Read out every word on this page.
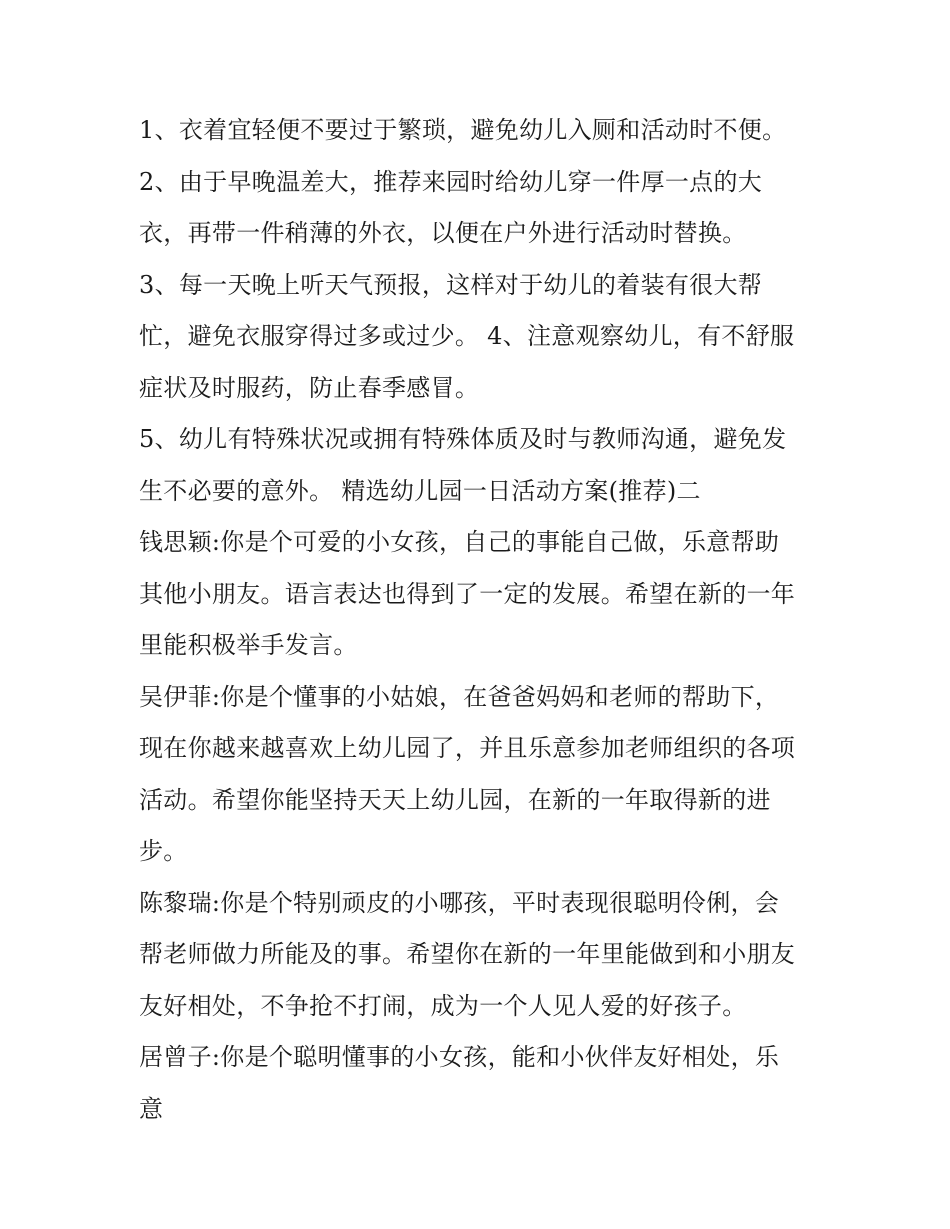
1、衣着宜轻便不要过于繁琐，避免幼儿入厕和活动时不便。
2、由于早晚温差大，推荐来园时给幼儿穿一件厚一点的大
衣，再带一件稍薄的外衣，以便在户外进行活动时替换。
3、每一天晚上听天气预报，这样对于幼儿的着装有很大帮
忙，避免衣服穿得过多或过少。 4、注意观察幼儿，有不舒服
症状及时服药，防止春季感冒。
5、幼儿有特殊状况或拥有特殊体质及时与教师沟通，避免发
生不必要的意外。 精选幼儿园一日活动方案(推荐)二
钱思颖:你是个可爱的小女孩，自己的事能自己做，乐意帮助
其他小朋友。语言表达也得到了一定的发展。希望在新的一年
里能积极举手发言。
吴伊菲:你是个懂事的小姑娘，在爸爸妈妈和老师的帮助下，
现在你越来越喜欢上幼儿园了，并且乐意参加老师组织的各项
活动。希望你能坚持天天上幼儿园，在新的一年取得新的进
步。
陈黎瑞:你是个特别顽皮的小哪孩，平时表现很聪明伶俐，会
帮老师做力所能及的事。希望你在新的一年里能做到和小朋友
友好相处，不争抢不打闹，成为一个人见人爱的好孩子。
居曾子:你是个聪明懂事的小女孩，能和小伙伴友好相处，乐
意
